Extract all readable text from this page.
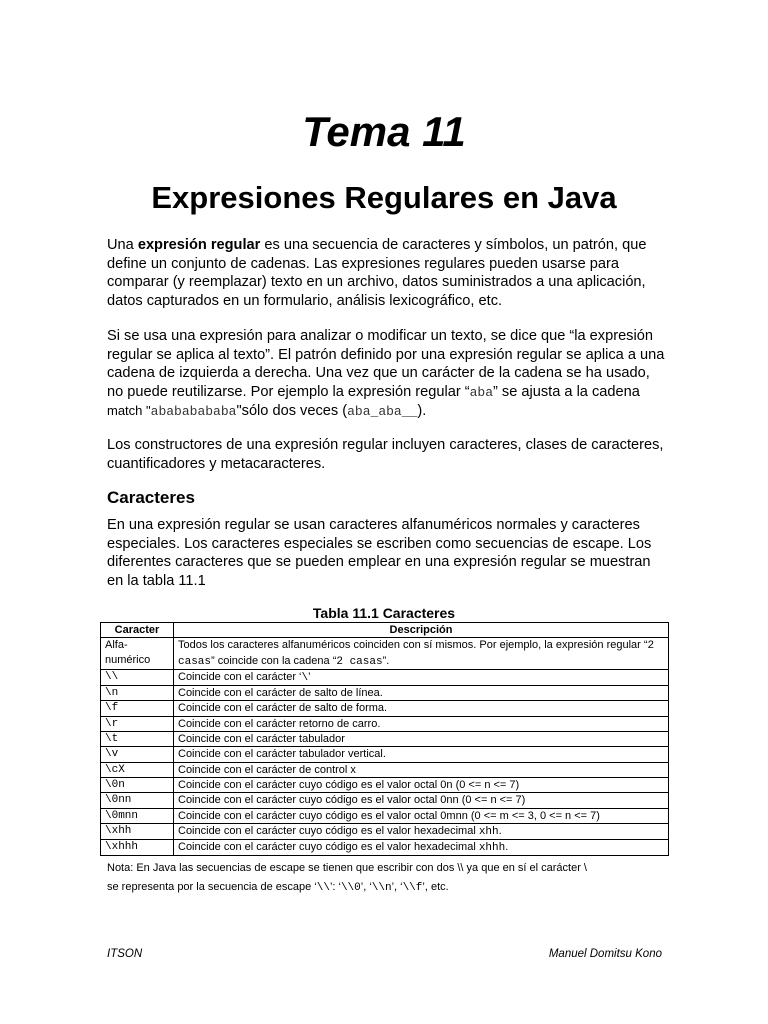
Tema 11
Expresiones Regulares en Java

Una expresión regular es una secuencia de caracteres y símbolos, un patrón, que define un conjunto de cadenas. Las expresiones regulares pueden usarse para comparar (y reemplazar) texto en un archivo, datos suministrados a una aplicación, datos capturados en un formulario, análisis lexicográfico, etc.

Si se usa una expresión para analizar o modificar un texto, se dice que “la expresión regular se aplica al texto”. El patrón definido por una expresión regular se aplica a una cadena de izquierda a derecha. Una vez que un carácter de la cadena se ha usado, no puede reutilizarse. Por ejemplo la expresión regular “aba” se ajusta a la cadena match "abababababa"sólo dos veces (aba_aba__).

Los constructores de una expresión regular incluyen caracteres, clases de caracteres, cuantificadores y metacaracteres.

Caracteres

En una expresión regular se usan caracteres alfanuméricos normales y caracteres especiales. Los caracteres especiales se escriben como secuencias de escape. Los diferentes caracteres que se pueden emplear en una expresión regular se muestran en la tabla 11.1

Tabla 11.1 Caracteres
Caracter	Descripción
Alfa-numérico	Todos los caracteres alfanuméricos coinciden con sí mismos. Por ejemplo, la expresión regular “2 casas” coincide con la cadena “2 casas”.
\\	Coincide con el carácter ‘\’
\n	Coincide con el carácter de salto de línea.
\f	Coincide con el carácter de salto de forma.
\r	Coincide con el carácter retorno de carro.
\t	Coincide con el carácter tabulador
\v	Coincide con el carácter tabulador vertical.
\cX	Coincide con el carácter de control x
\0n	Coincide con el carácter cuyo código es el valor octal 0n (0 <= n <= 7)
\0nn	Coincide con el carácter cuyo código es el valor octal 0nn (0 <= n <= 7)
\0mnn	Coincide con el carácter cuyo código es el valor octal 0mnn (0 <= m <= 3, 0 <= n <= 7)
\xhh	Coincide con el carácter cuyo código es el valor hexadecimal xhh.
\xhhh	Coincide con el carácter cuyo código es el valor hexadecimal xhhh.
Nota: En Java las secuencias de escape se tienen que escribir con dos \\ ya que en sí el carácter \
se representa por la secuencia de escape ‘\\’: ‘\\0’, ‘\\n’, ‘\\f’, etc.
ITSON	Manuel Domitsu Kono
